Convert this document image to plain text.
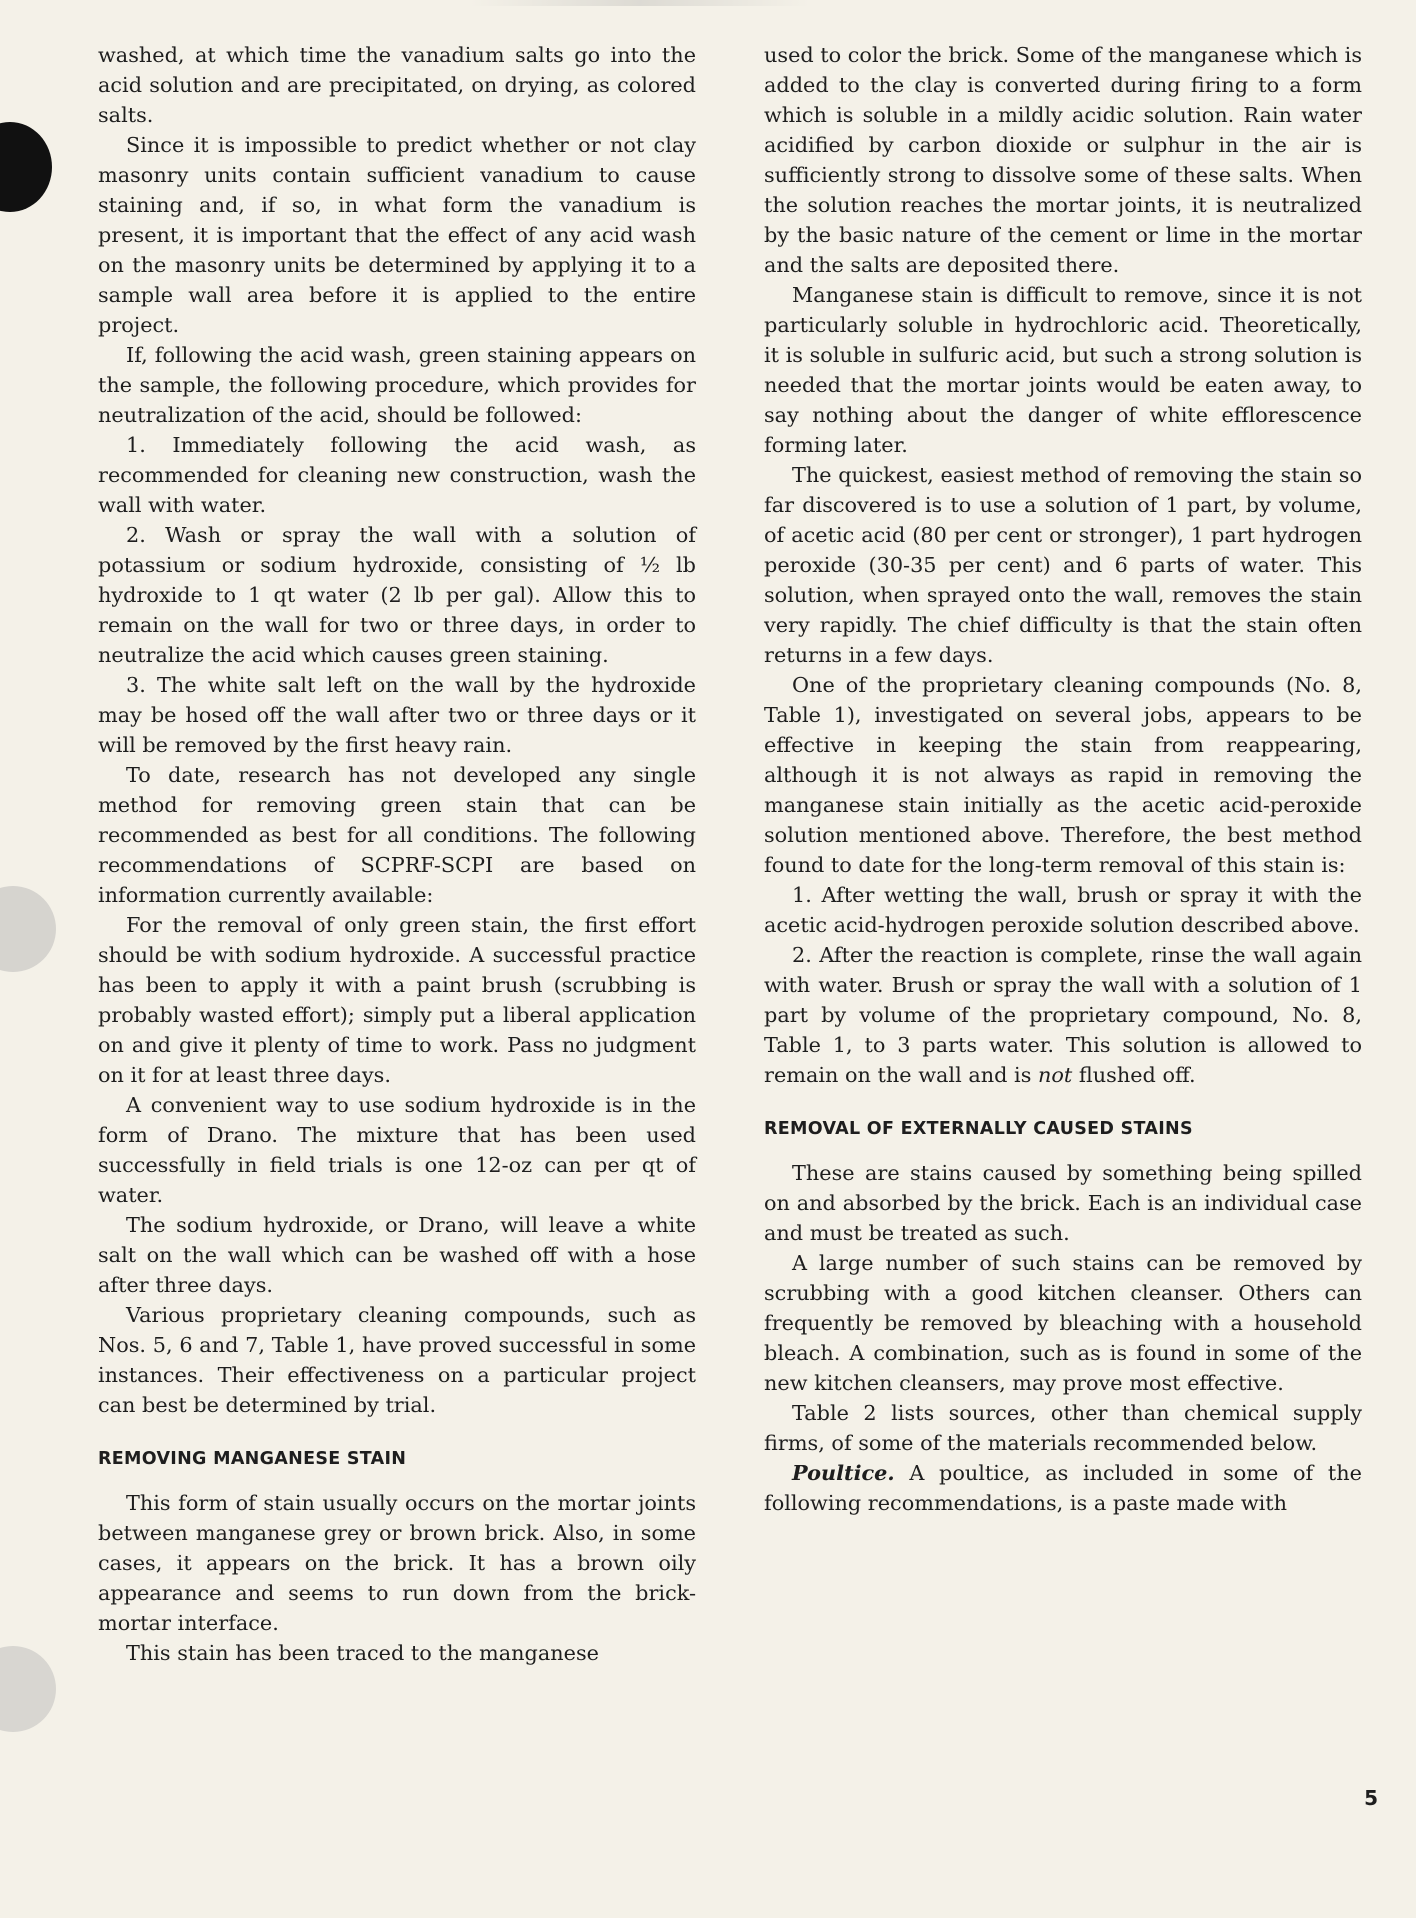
washed, at which time the vanadium salts go into the acid solution and are precipitated, on drying, as colored salts.

Since it is impossible to predict whether or not clay masonry units contain sufficient vanadium to cause staining and, if so, in what form the vanadium is present, it is important that the effect of any acid wash on the masonry units be determined by applying it to a sample wall area before it is applied to the entire project.

If, following the acid wash, green staining appears on the sample, the following procedure, which provides for neutralization of the acid, should be followed:

1. Immediately following the acid wash, as recommended for cleaning new construction, wash the wall with water.

2. Wash or spray the wall with a solution of potassium or sodium hydroxide, consisting of ½ lb hydroxide to 1 qt water (2 lb per gal). Allow this to remain on the wall for two or three days, in order to neutralize the acid which causes green staining.

3. The white salt left on the wall by the hydroxide may be hosed off the wall after two or three days or it will be removed by the first heavy rain.

To date, research has not developed any single method for removing green stain that can be recommended as best for all conditions. The following recommendations of SCPRF-SCPI are based on information currently available:

For the removal of only green stain, the first effort should be with sodium hydroxide. A successful practice has been to apply it with a paint brush (scrubbing is probably wasted effort); simply put a liberal application on and give it plenty of time to work. Pass no judgment on it for at least three days.

A convenient way to use sodium hydroxide is in the form of Drano. The mixture that has been used successfully in field trials is one 12-oz can per qt of water.

The sodium hydroxide, or Drano, will leave a white salt on the wall which can be washed off with a hose after three days.

Various proprietary cleaning compounds, such as Nos. 5, 6 and 7, Table 1, have proved successful in some instances. Their effectiveness on a particular project can best be determined by trial.

REMOVING MANGANESE STAIN

This form of stain usually occurs on the mortar joints between manganese grey or brown brick. Also, in some cases, it appears on the brick. It has a brown oily appearance and seems to run down from the brick-mortar interface.

This stain has been traced to the manganese

used to color the brick. Some of the manganese which is added to the clay is converted during firing to a form which is soluble in a mildly acidic solution. Rain water acidified by carbon dioxide or sulphur in the air is sufficiently strong to dissolve some of these salts. When the solution reaches the mortar joints, it is neutralized by the basic nature of the cement or lime in the mortar and the salts are deposited there.

Manganese stain is difficult to remove, since it is not particularly soluble in hydrochloric acid. Theoretically, it is soluble in sulfuric acid, but such a strong solution is needed that the mortar joints would be eaten away, to say nothing about the danger of white efflorescence forming later.

The quickest, easiest method of removing the stain so far discovered is to use a solution of 1 part, by volume, of acetic acid (80 per cent or stronger), 1 part hydrogen peroxide (30-35 per cent) and 6 parts of water. This solution, when sprayed onto the wall, removes the stain very rapidly. The chief difficulty is that the stain often returns in a few days.

One of the proprietary cleaning compounds (No. 8, Table 1), investigated on several jobs, appears to be effective in keeping the stain from reappearing, although it is not always as rapid in removing the manganese stain initially as the acetic acid-peroxide solution mentioned above. Therefore, the best method found to date for the long-term removal of this stain is:

1. After wetting the wall, brush or spray it with the acetic acid-hydrogen peroxide solution described above.

2. After the reaction is complete, rinse the wall again with water. Brush or spray the wall with a solution of 1 part by volume of the proprietary compound, No. 8, Table 1, to 3 parts water. This solution is allowed to remain on the wall and is not flushed off.

REMOVAL OF EXTERNALLY CAUSED STAINS

These are stains caused by something being spilled on and absorbed by the brick. Each is an individual case and must be treated as such.

A large number of such stains can be removed by scrubbing with a good kitchen cleanser. Others can frequently be removed by bleaching with a household bleach. A combination, such as is found in some of the new kitchen cleansers, may prove most effective.

Table 2 lists sources, other than chemical supply firms, of some of the materials recommended below.

Poultice. A poultice, as included in some of the following recommendations, is a paste made with

5
